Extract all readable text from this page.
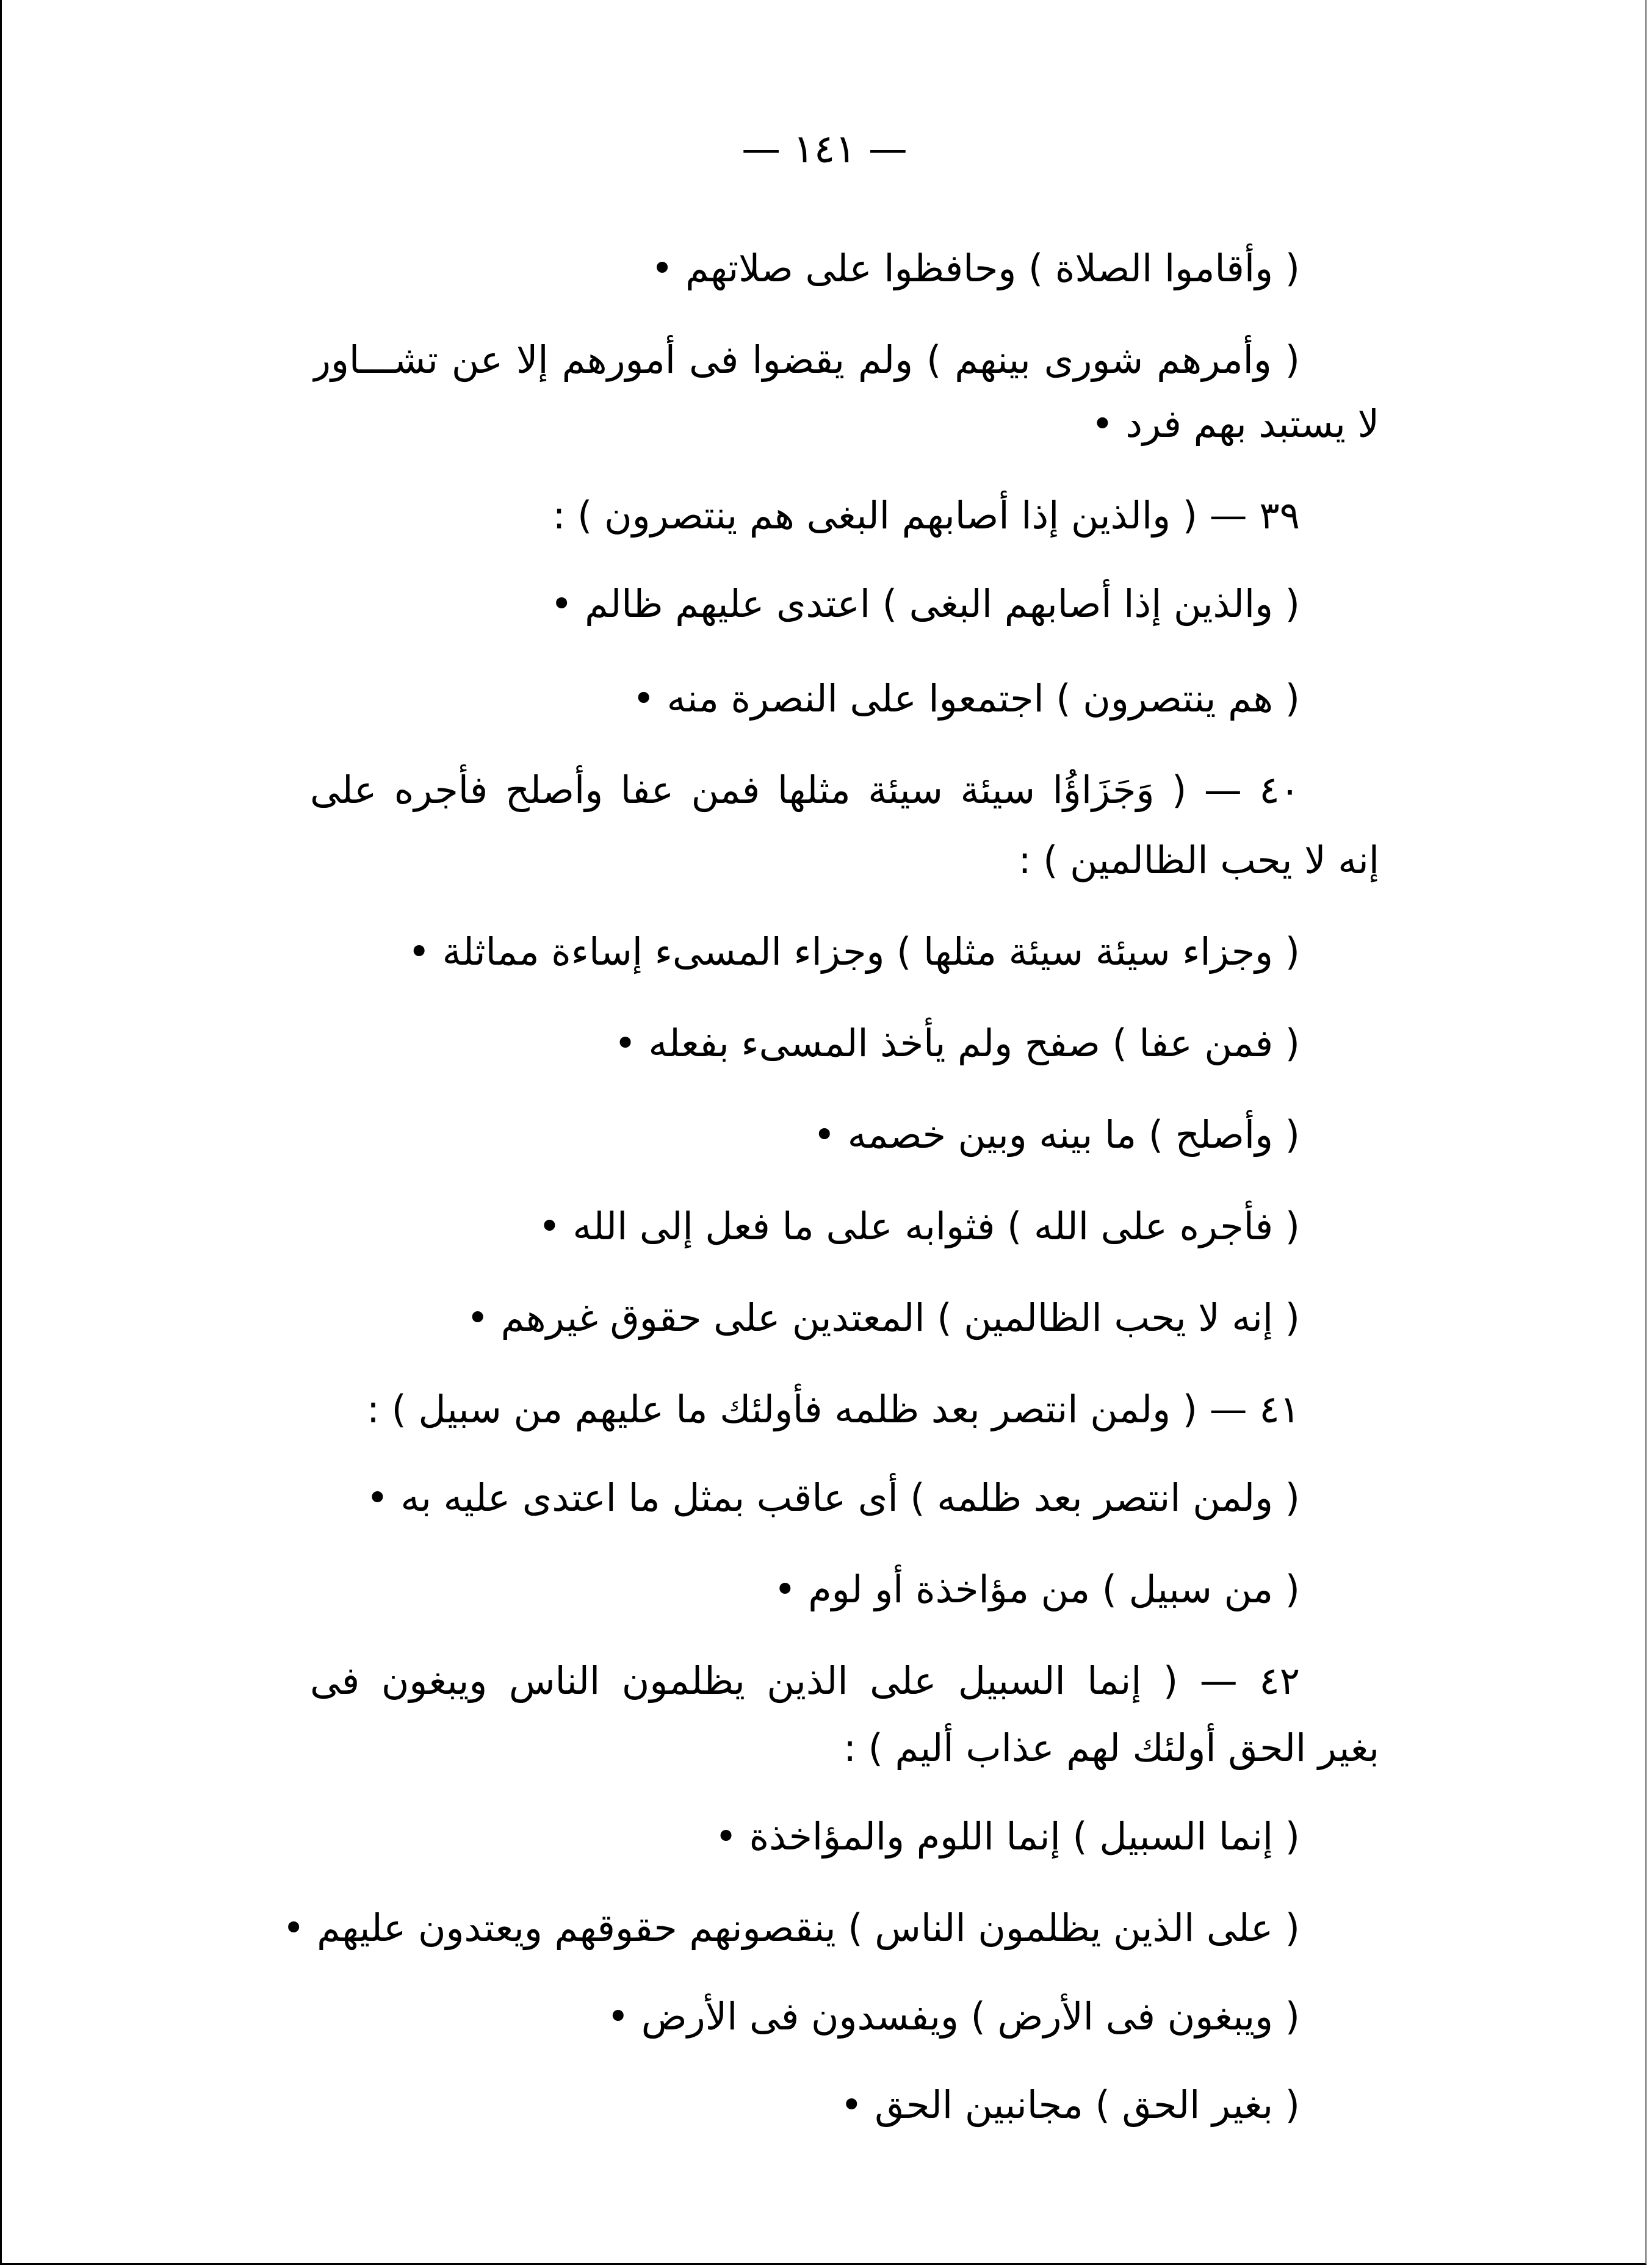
— ١٤١ —
( وأقاموا الصلاة ) وحافظوا على صلاتهم •
( وأمرهم شورى بينهم ) ولم يقضوا فى أمورهم إلا عن تشـــاور
لا يستبد بهم فرد •
٣٩ — ( والذين إذا أصابهم البغى هم ينتصرون ) :
( والذين إذا أصابهم البغى ) اعتدى عليهم ظالم •
( هم ينتصرون ) اجتمعوا على النصرة منه •
٤٠ — ( وَجَزَاؤُا سيئة سيئة مثلها فمن عفا وأصلح فأجره على
إنه لا يحب الظالمين ) :
( وجزاء سيئة سيئة مثلها ) وجزاء المسىء إساءة مماثلة •
( فمن عفا ) صفح ولم يأخذ المسىء بفعله •
( وأصلح ) ما بينه وبين خصمه •
( فأجره على الله ) فثوابه على ما فعل إلى الله •
( إنه لا يحب الظالمين ) المعتدين على حقوق غيرهم •
٤١ — ( ولمن انتصر بعد ظلمه فأولئك ما عليهم من سبيل ) :
( ولمن انتصر بعد ظلمه ) أى عاقب بمثل ما اعتدى عليه به •
( من سبيل ) من مؤاخذة أو لوم •
٤٢ — ( إنما السبيل على الذين يظلمون الناس ويبغون فى
بغير الحق أولئك لهم عذاب أليم ) :
( إنما السبيل ) إنما اللوم والمؤاخذة •
( على الذين يظلمون الناس ) ينقصونهم حقوقهم ويعتدون عليهم •
( ويبغون فى الأرض ) ويفسدون فى الأرض •
( بغير الحق ) مجانبين الحق •
